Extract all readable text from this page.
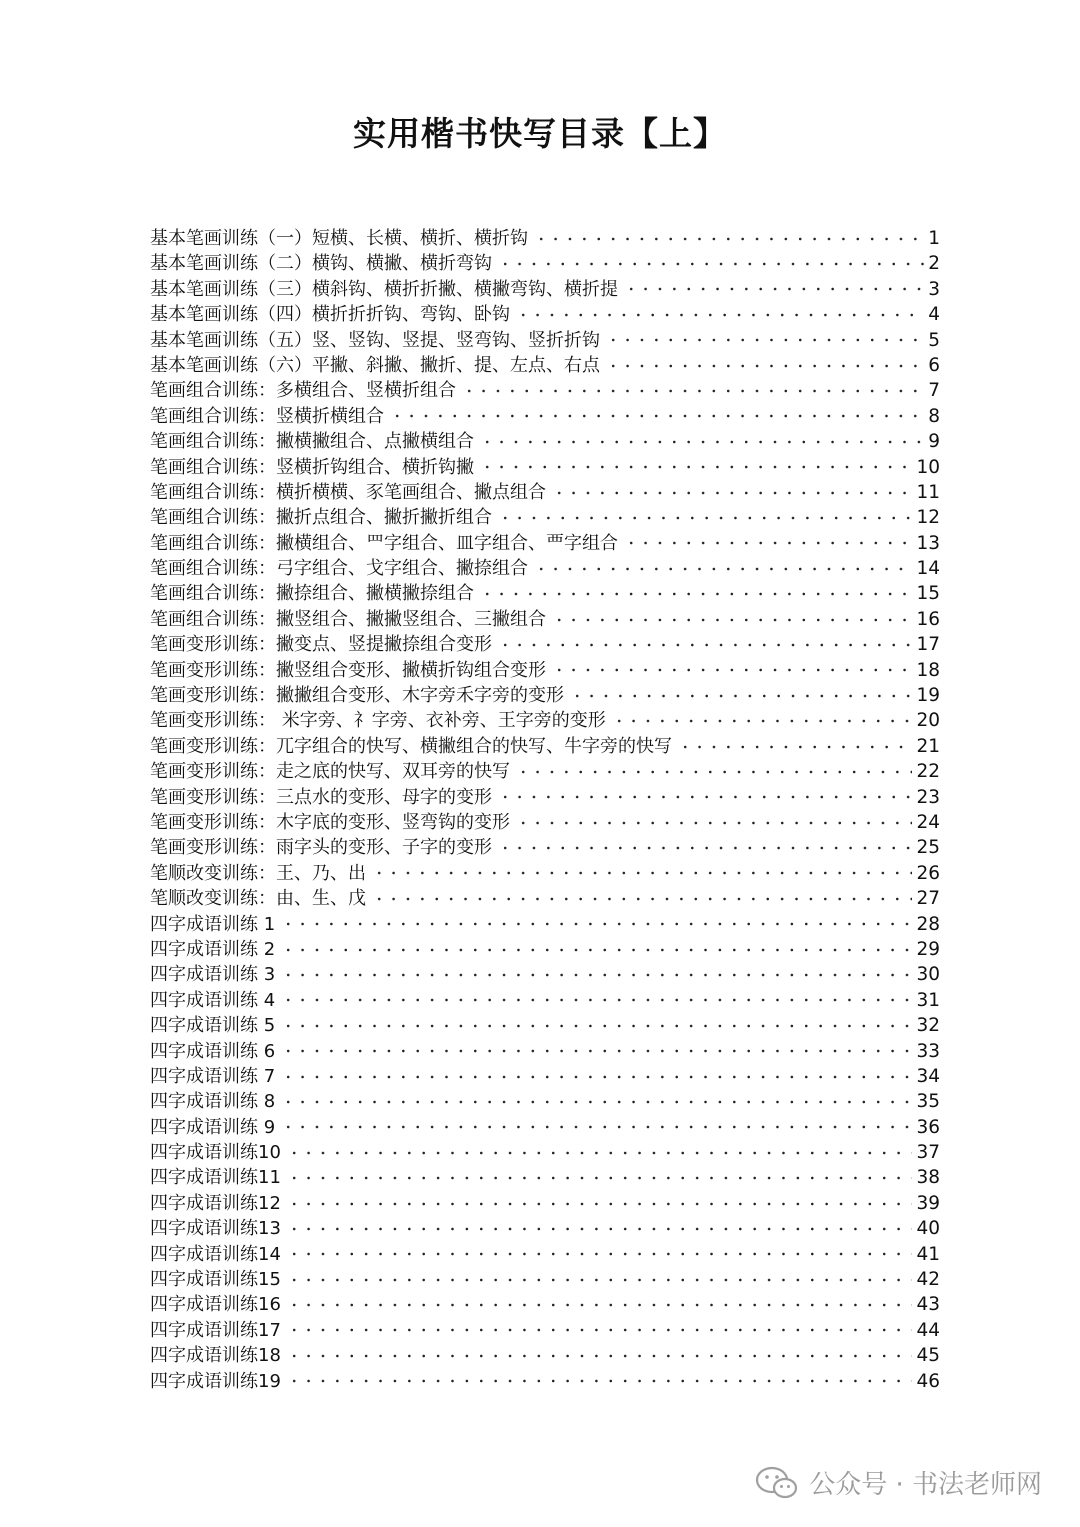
实用楷书快写目录【上】
基本笔画训练（一）短横、长横、横折、横折钩	1
基本笔画训练（二）横钩、横撇、横折弯钩	2
基本笔画训练（三）横斜钩、横折折撇、横撇弯钩、横折提	3
基本笔画训练（四）横折折折钩、弯钩、卧钩	4
基本笔画训练（五）竖、竖钩、竖提、竖弯钩、竖折折钩	5
基本笔画训练（六）平撇、斜撇、撇折、提、左点、右点	6
笔画组合训练：多横组合、竖横折组合	7
笔画组合训练：竖横折横组合	8
笔画组合训练：撇横撇组合、点撇横组合	9
笔画组合训练：竖横折钩组合、横折钩撇	10
笔画组合训练：横折横横、豕笔画组合、撇点组合	11
笔画组合训练：撇折点组合、撇折撇折组合	12
笔画组合训练：撇横组合、罒字组合、皿字组合、覀字组合	13
笔画组合训练：弓字组合、戈字组合、撇捺组合	14
笔画组合训练：撇捺组合、撇横撇捺组合	15
笔画组合训练：撇竖组合、撇撇竖组合、三撇组合	16
笔画变形训练：撇变点、竖提撇捺组合变形	17
笔画变形训练：撇竖组合变形、撇横折钩组合变形	18
笔画变形训练：撇撇组合变形、木字旁禾字旁的变形	19
笔画变形训练： 米字旁、礻字旁、衣补旁、王字旁的变形	20
笔画变形训练：兀字组合的快写、横撇组合的快写、牛字旁的快写	21
笔画变形训练：走之底的快写、双耳旁的快写	22
笔画变形训练：三点水的变形、母字的变形	23
笔画变形训练：木字底的变形、竖弯钩的变形	24
笔画变形训练：雨字头的变形、子字的变形	25
笔顺改变训练：王、乃、出	26
笔顺改变训练：由、生、戊	27
四字成语训练 1	28
四字成语训练 2	29
四字成语训练 3	30
四字成语训练 4	31
四字成语训练 5	32
四字成语训练 6	33
四字成语训练 7	34
四字成语训练 8	35
四字成语训练 9	36
四字成语训练10	37
四字成语训练11	38
四字成语训练12	39
四字成语训练13	40
四字成语训练14	41
四字成语训练15	42
四字成语训练16	43
四字成语训练17	44
四字成语训练18	45
四字成语训练19	46
公众号 · 书法老师网
